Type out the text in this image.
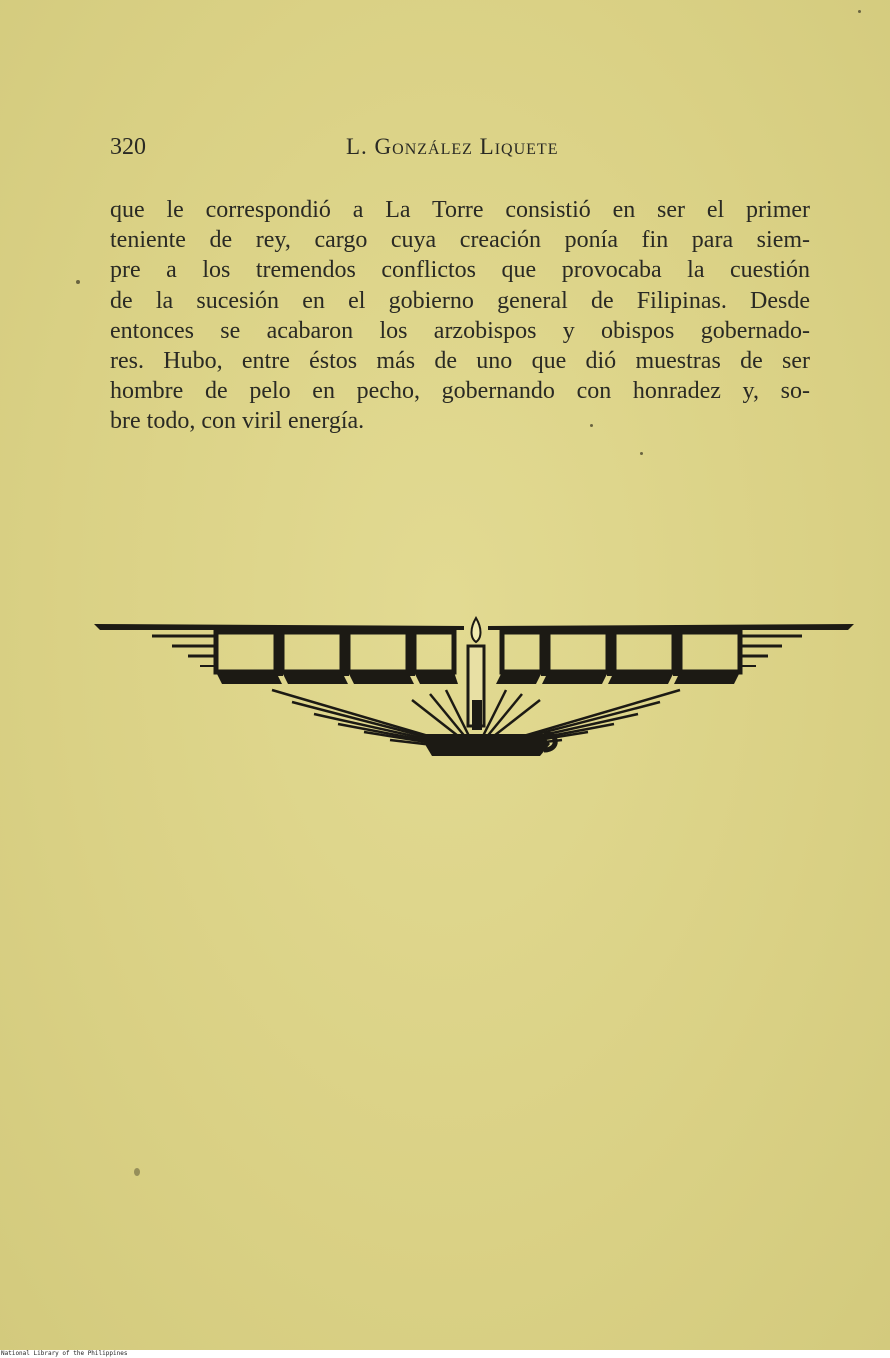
320	L. González Liquete
que le correspondió a La Torre consistió en ser el primer
teniente de rey, cargo cuya creación ponía fin para siem-
pre a los tremendos conflictos que provocaba la cuestión
de la sucesión en el gobierno general de Filipinas. Desde
entonces se acabaron los arzobispos y obispos gobernado-
res. Hubo, entre éstos más de uno que dió muestras de ser
hombre de pelo en pecho, gobernando con honradez y, so-
bre todo, con viril energía.
National Library of the Philippines
